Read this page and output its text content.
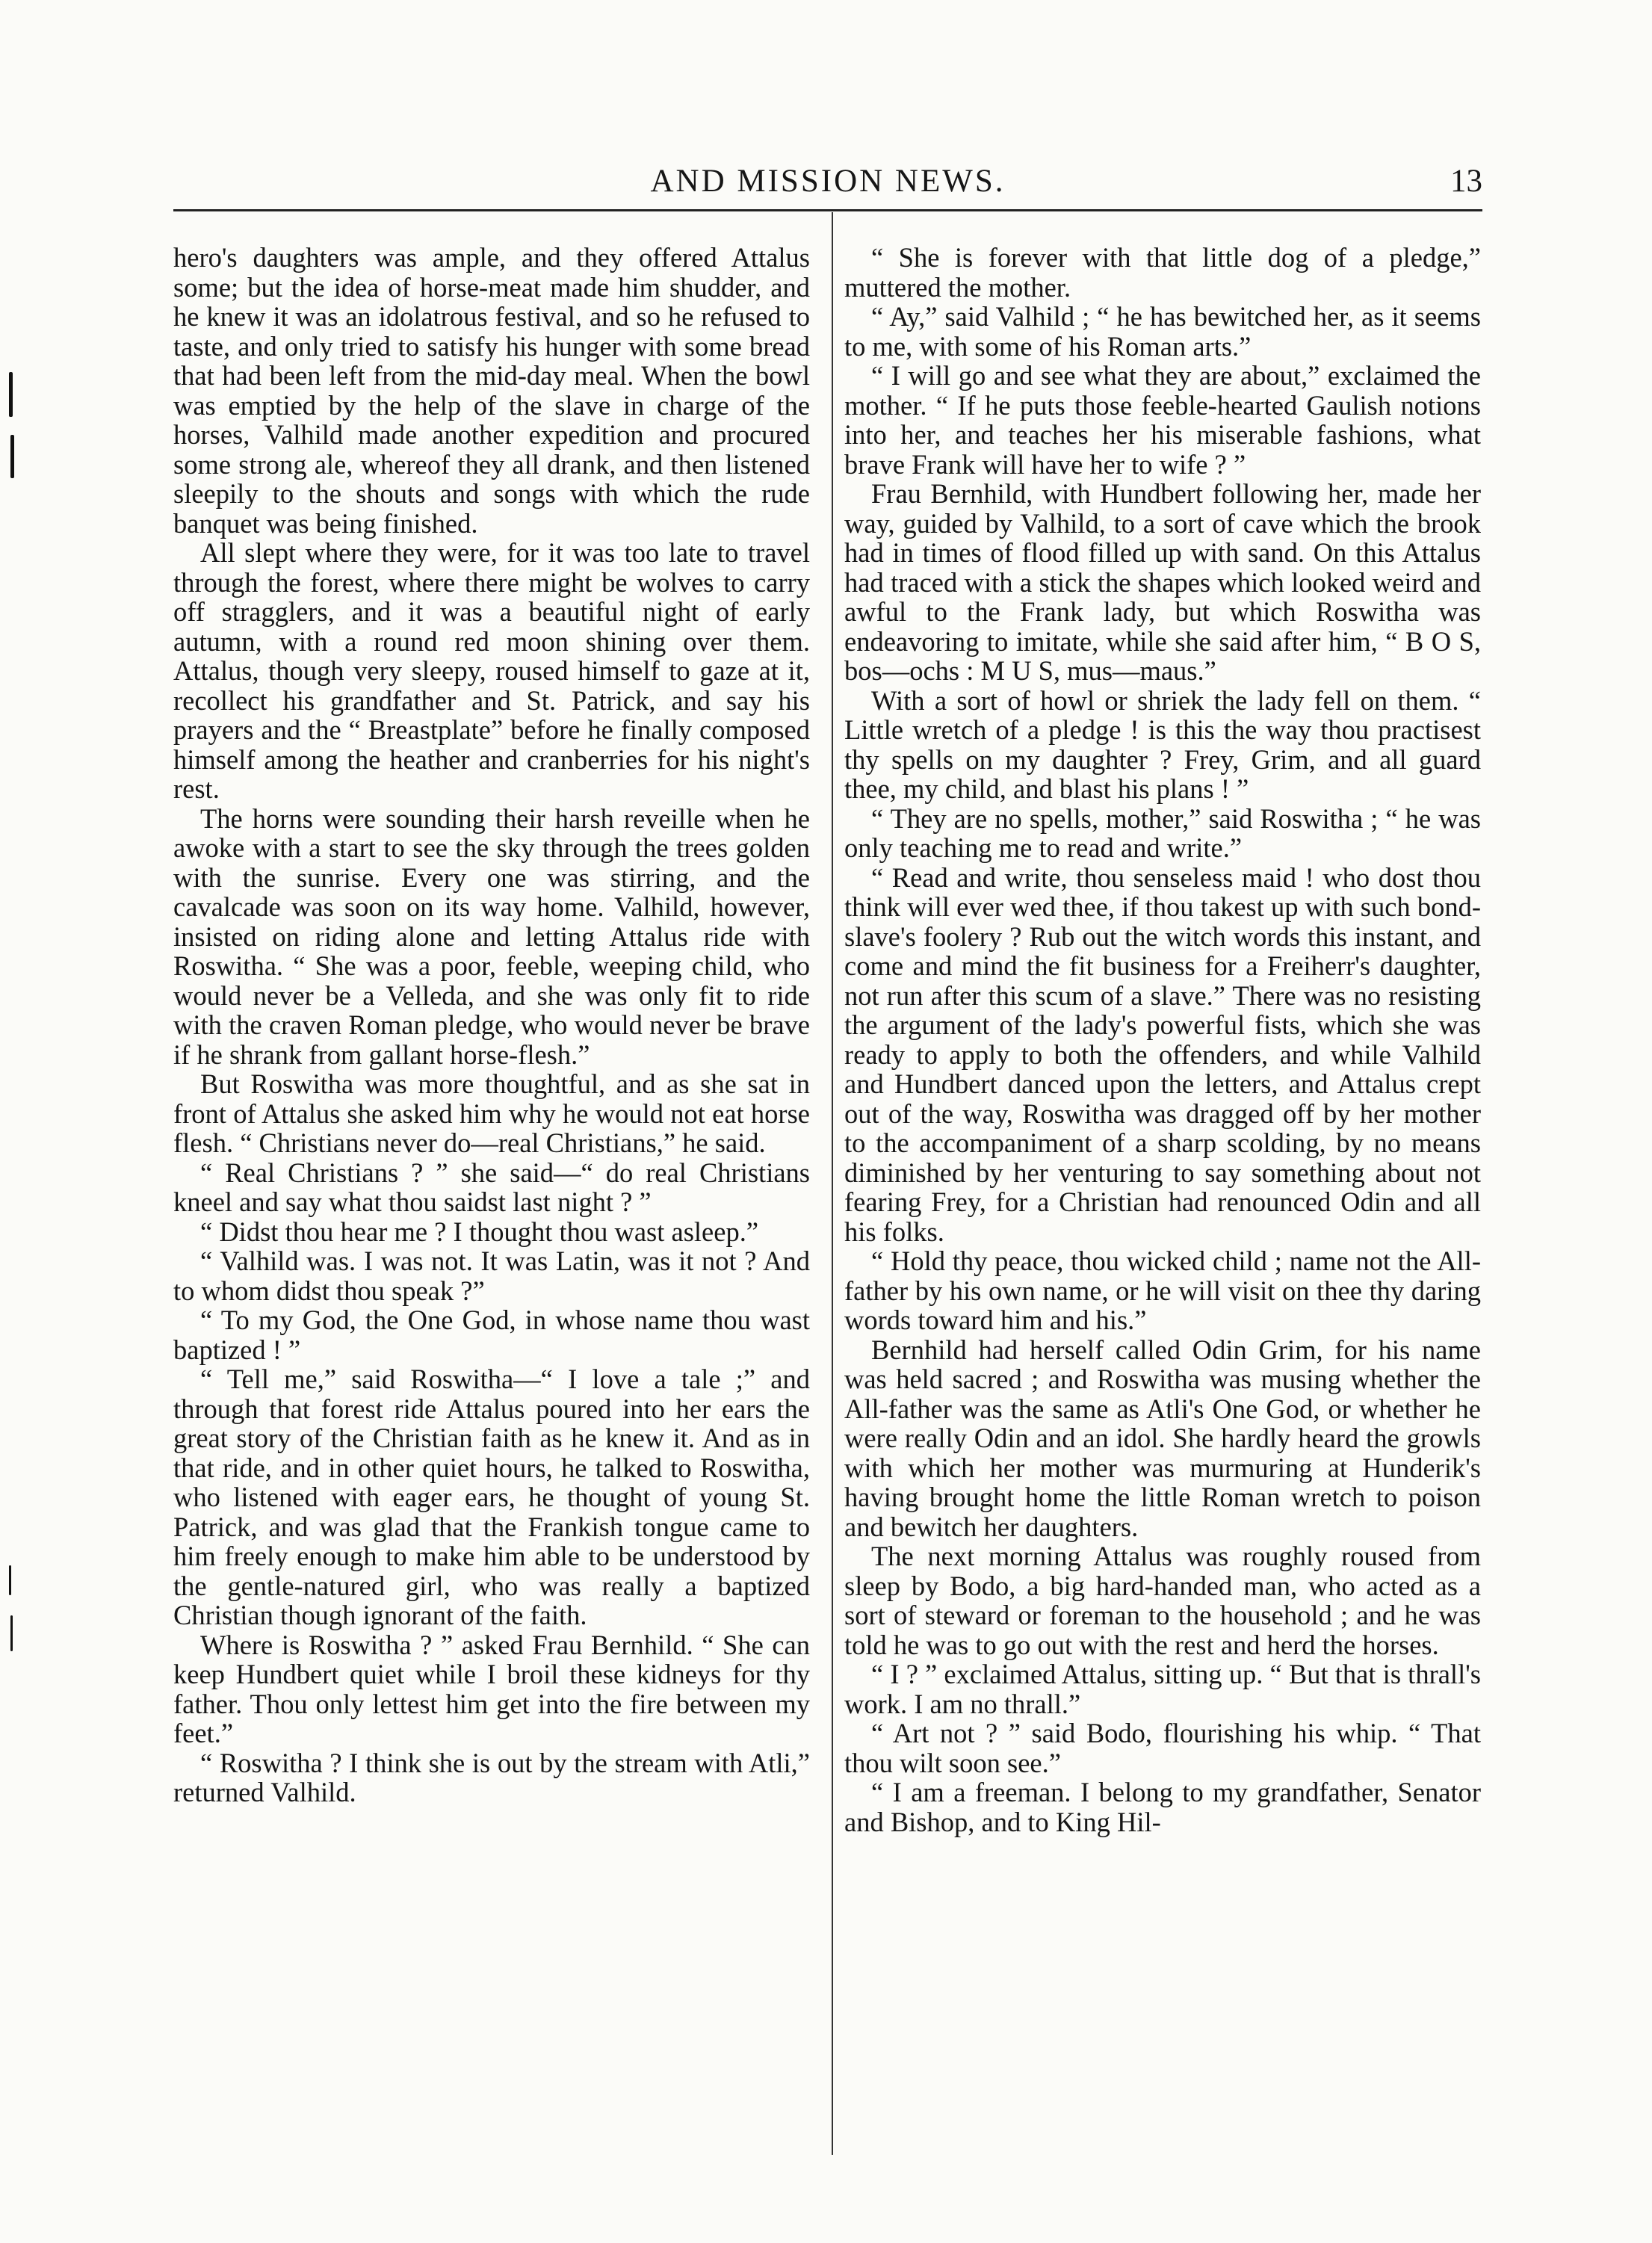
AND MISSION NEWS.	13

hero's daughters was ample, and they offered Attalus some; but the idea of horse-meat made him shudder, and he knew it was an idolatrous festival, and so he refused to taste, and only tried to satisfy his hunger with some bread that had been left from the mid-day meal. When the bowl was emptied by the help of the slave in charge of the horses, Valhild made another expedition and procured some strong ale, whereof they all drank, and then listened sleepily to the shouts and songs with which the rude banquet was being finished.

All slept where they were, for it was too late to travel through the forest, where there might be wolves to carry off stragglers, and it was a beautiful night of early autumn, with a round red moon shining over them. Attalus, though very sleepy, roused himself to gaze at it, recollect his grandfather and St. Patrick, and say his prayers and the “ Breastplate” before he finally composed himself among the heather and cranberries for his night's rest.

The horns were sounding their harsh reveille when he awoke with a start to see the sky through the trees golden with the sunrise. Every one was stirring, and the cavalcade was soon on its way home. Valhild, however, insisted on riding alone and letting Attalus ride with Roswitha. “ She was a poor, feeble, weeping child, who would never be a Velleda, and she was only fit to ride with the craven Roman pledge, who would never be brave if he shrank from gallant horse-flesh.”

But Roswitha was more thoughtful, and as she sat in front of Attalus she asked him why he would not eat horse flesh. “ Christians never do—real Christians,” he said.

“ Real Christians ? ” she said—“ do real Christians kneel and say what thou saidst last night ? ”

“ Didst thou hear me ? I thought thou wast asleep.”

“ Valhild was. I was not. It was Latin, was it not ? And to whom didst thou speak ?”

“ To my God, the One God, in whose name thou wast baptized ! ”

“ Tell me,” said Roswitha—“ I love a tale ;” and through that forest ride Attalus poured into her ears the great story of the Christian faith as he knew it. And as in that ride, and in other quiet hours, he talked to Roswitha, who listened with eager ears, he thought of young St. Patrick, and was glad that the Frankish tongue came to him freely enough to make him able to be understood by the gentle-natured girl, who was really a baptized Christian though ignorant of the faith.

Where is Roswitha ? ” asked Frau Bernhild. “ She can keep Hundbert quiet while I broil these kidneys for thy father. Thou only lettest him get into the fire between my feet.”

“ Roswitha ? I think she is out by the stream with Atli,” returned Valhild.

“ She is forever with that little dog of a pledge,” muttered the mother.

“ Ay,” said Valhild ; “ he has bewitched her, as it seems to me, with some of his Roman arts.”

“ I will go and see what they are about,” exclaimed the mother. “ If he puts those feeble-hearted Gaulish notions into her, and teaches her his miserable fashions, what brave Frank will have her to wife ? ”

Frau Bernhild, with Hundbert following her, made her way, guided by Valhild, to a sort of cave which the brook had in times of flood filled up with sand. On this Attalus had traced with a stick the shapes which looked weird and awful to the Frank lady, but which Roswitha was endeavoring to imitate, while she said after him, “ B O S, bos—ochs : M U S, mus—maus.”

With a sort of howl or shriek the lady fell on them. “ Little wretch of a pledge ! is this the way thou practisest thy spells on my daughter ? Frey, Grim, and all guard thee, my child, and blast his plans ! ”

“ They are no spells, mother,” said Roswitha ; “ he was only teaching me to read and write.”

“ Read and write, thou senseless maid ! who dost thou think will ever wed thee, if thou takest up with such bond-slave's foolery ? Rub out the witch words this instant, and come and mind the fit business for a Freiherr's daughter, not run after this scum of a slave.” There was no resisting the argument of the lady's powerful fists, which she was ready to apply to both the offenders, and while Valhild and Hundbert danced upon the letters, and Attalus crept out of the way, Roswitha was dragged off by her mother to the accompaniment of a sharp scolding, by no means diminished by her venturing to say something about not fearing Frey, for a Christian had renounced Odin and all his folks.

“ Hold thy peace, thou wicked child ; name not the All-father by his own name, or he will visit on thee thy daring words toward him and his.”

Bernhild had herself called Odin Grim, for his name was held sacred ; and Roswitha was musing whether the All-father was the same as Atli's One God, or whether he were really Odin and an idol. She hardly heard the growls with which her mother was murmuring at Hunderik's having brought home the little Roman wretch to poison and bewitch her daughters.

The next morning Attalus was roughly roused from sleep by Bodo, a big hard-handed man, who acted as a sort of steward or foreman to the household ; and he was told he was to go out with the rest and herd the horses.

“ I ? ” exclaimed Attalus, sitting up. “ But that is thrall's work. I am no thrall.”

“ Art not ? ” said Bodo, flourishing his whip. “ That thou wilt soon see.”

“ I am a freeman. I belong to my grandfather, Senator and Bishop, and to King Hil-
